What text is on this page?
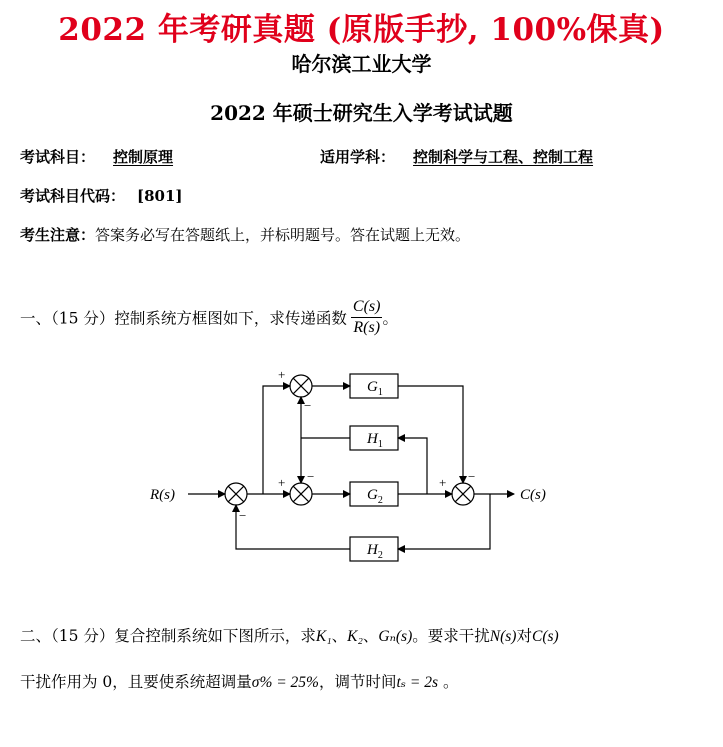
2022 年考研真题 (原版手抄, 100%保真)
哈尔滨工业大学
2022 年硕士研究生入学考试试题
考试科目： 控制原理	适用学科： 控制科学与工程、控制工程
考试科目代码： [801]
考生注意：答案务必写在答题纸上，并标明题号。答在试题上无效。
一、（15 分）控制系统方框图如下，求传递函数 $\frac{C(s)}{R(s)}$ 。
R(s)	C(s)
$G_1$
$H_1$
$G_2$
$H_2$
+
−
+ −	+ −
−
二、（15 分）复合控制系统如下图所示，求K₁、K₂、Gₙ(s)。要求干扰N(s)对C(s)
干扰作用为 0，且要使系统超调量σ% = 25%，调节时间tₛ = 2s 。
